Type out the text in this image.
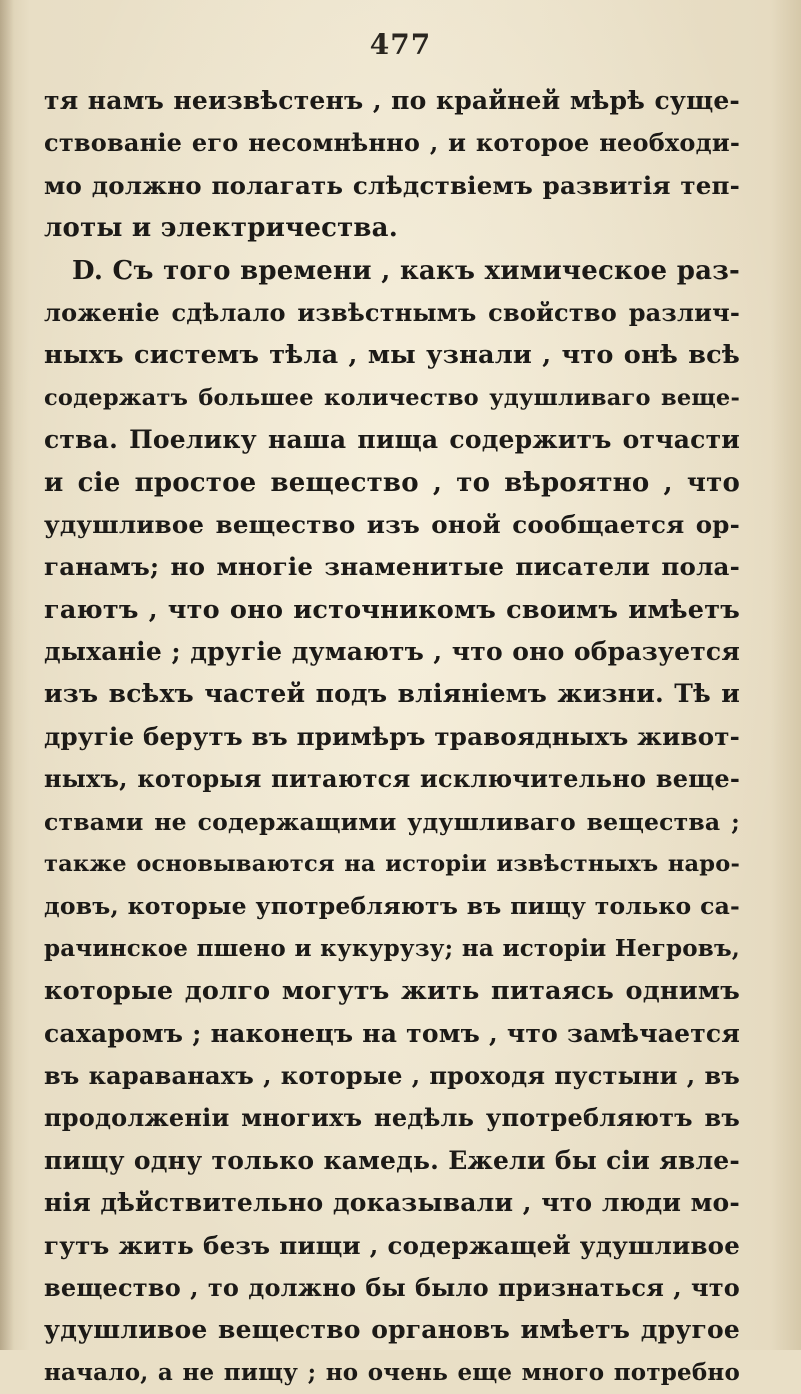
477
тя намъ неизвѣстенъ , по крайней мѣрѣ суще-
ствованіе его несомнѣнно , и которое необходи-
мо должно полагать слѣдствіемъ развитія теп-
лоты и электричества.
D. Съ того времени , какъ химическое раз-
ложеніе сдѣлало извѣстнымъ свойство различ-
ныхъ системъ тѣла , мы узнали , что онѣ всѣ
содержатъ большее количество удушливаго веще-
ства. Поелику наша пища содержитъ отчасти
и сіе простое вещество , то вѣроятно , что
удушливое вещество изъ оной сообщается ор-
ганамъ; но многіе знаменитые писатели пола-
гаютъ , что оно источникомъ своимъ имѣетъ
дыханіе ; другіе думаютъ , что оно образуется
изъ всѣхъ частей подъ вліяніемъ жизни. Тѣ и
другіе берутъ въ примѣръ травоядныхъ живот-
ныхъ, которыя питаются исключительно веще-
ствами не содержащими удушливаго вещества ;
также основываются на исторіи извѣстныхъ наро-
довъ, которые употребляютъ въ пищу только са-
рачинское пшено и кукурузу; на исторіи Негровъ,
которые долго могутъ жить питаясь однимъ
сахаромъ ; наконецъ на томъ , что замѣчается
въ караванахъ , которые , проходя пустыни , въ
продолженіи многихъ недѣль употребляютъ въ
пищу одну только камедь. Ежели бы сіи явле-
нія дѣйствительно доказывали , что люди мо-
гутъ жить безъ пищи , содержащей удушливое
вещество , то должно бы было признаться , что
удушливое вещество органовъ имѣетъ другое
начало, а не пищу ; но очень еще много потребно
